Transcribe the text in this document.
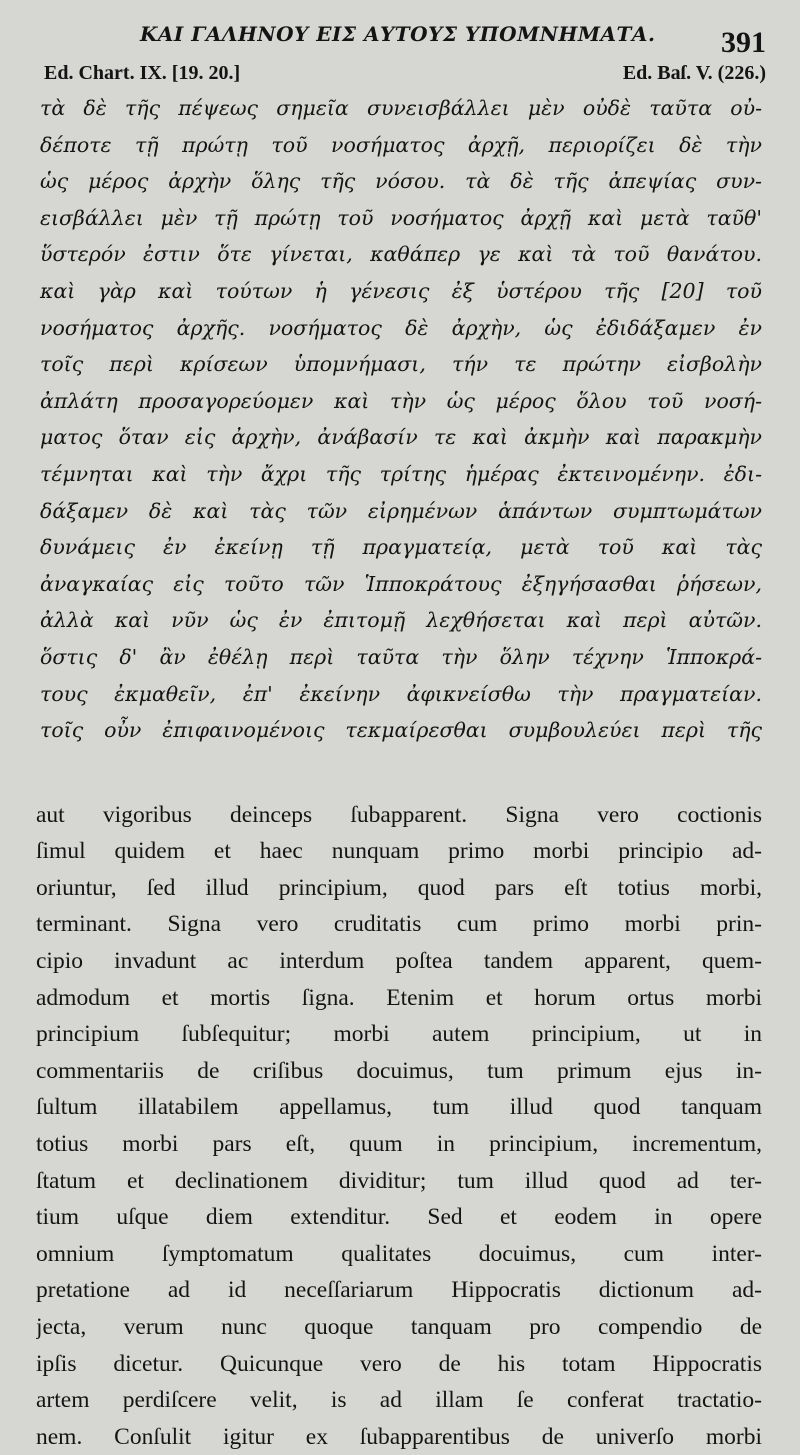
ΚΑΙ ΓΑΛΗΝΟΥ ΕΙΣ ΑΥΤΟΥΣ ΥΠΟΜΝΗΜΑΤΑ. 391
Ed. Chart. IX. [19. 20.]	Ed. Baſ. V. (226.)
τὰ δὲ τῆς πέψεως σημεῖα συνεισβάλλει μὲν οὐδὲ ταῦτα οὐ-
δέποτε τῇ πρώτῃ τοῦ νοσήματος ἀρχῇ, περιορίζει δὲ τὴν
ὡς μέρος ἀρχὴν ὅλης τῆς νόσου. τὰ δὲ τῆς ἀπεψίας συν-
εισβάλλει μὲν τῇ πρώτῃ τοῦ νοσήματος ἀρχῇ καὶ μετὰ ταῦθ'
ὕστερόν ἐστιν ὅτε γίνεται, καθάπερ γε καὶ τὰ τοῦ θανάτου.
καὶ γὰρ καὶ τούτων ἡ γένεσις ἐξ ὑστέρου τῆς [20] τοῦ
νοσήματος ἀρχῆς. νοσήματος δὲ ἀρχὴν, ὡς ἐδιδάξαμεν ἐν
τοῖς περὶ κρίσεων ὑπομνήμασι, τήν τε πρώτην εἰσβολὴν
ἀπλάτη προσαγορεύομεν καὶ τὴν ὡς μέρος ὅλου τοῦ νοσή-
ματος ὅταν εἰς ἀρχὴν, ἀνάβασίν τε καὶ ἀκμὴν καὶ παρακμὴν
τέμνηται καὶ τὴν ἄχρι τῆς τρίτης ἡμέρας ἐκτεινομένην. ἐδι-
δάξαμεν δὲ καὶ τὰς τῶν εἰρημένων ἁπάντων συμπτωμάτων
δυνάμεις ἐν ἐκείνῃ τῇ πραγματείᾳ, μετὰ τοῦ καὶ τὰς
ἀναγκαίας εἰς τοῦτο τῶν Ἱπποκράτους ἐξηγήσασθαι ῥήσεων,
ἀλλὰ καὶ νῦν ὡς ἐν ἐπιτομῇ λεχθήσεται καὶ περὶ αὐτῶν.
ὅστις δ' ἂν ἐθέλῃ περὶ ταῦτα τὴν ὅλην τέχνην Ἱπποκρά-
τους ἐκμαθεῖν, ἐπ' ἐκείνην ἀφικνείσθω τὴν πραγματείαν.
τοῖς οὖν ἐπιφαινομένοις τεκμαίρεσθαι συμβουλεύει περὶ τῆς
aut vigoribus deinceps ſubapparent. Signa vero coctionis
ſimul quidem et haec nunquam primo morbi principio ad-
oriuntur, ſed illud principium, quod pars eſt totius morbi,
terminant. Signa vero cruditatis cum primo morbi prin-
cipio invadunt ac interdum poſtea tandem apparent, quem-
admodum et mortis ſigna. Etenim et horum ortus morbi
principium ſubſequitur; morbi autem principium, ut in
commentariis de criſibus docuimus, tum primum ejus in-
ſultum illatabilem appellamus, tum illud quod tanquam
totius morbi pars eſt, quum in principium, incrementum,
ſtatum et declinationem dividitur; tum illud quod ad ter-
tium uſque diem extenditur. Sed et eodem in opere
omnium ſymptomatum qualitates docuimus, cum inter-
pretatione ad id neceſſariarum Hippocratis dictionum ad-
jecta, verum nunc quoque tanquam pro compendio de
ipſis dicetur. Quicunque vero de his totam Hippocratis
artem perdiſcere velit, is ad illam ſe conferat tractatio-
nem. Conſulit igitur ex ſubapparentibus de univerſo morbi
